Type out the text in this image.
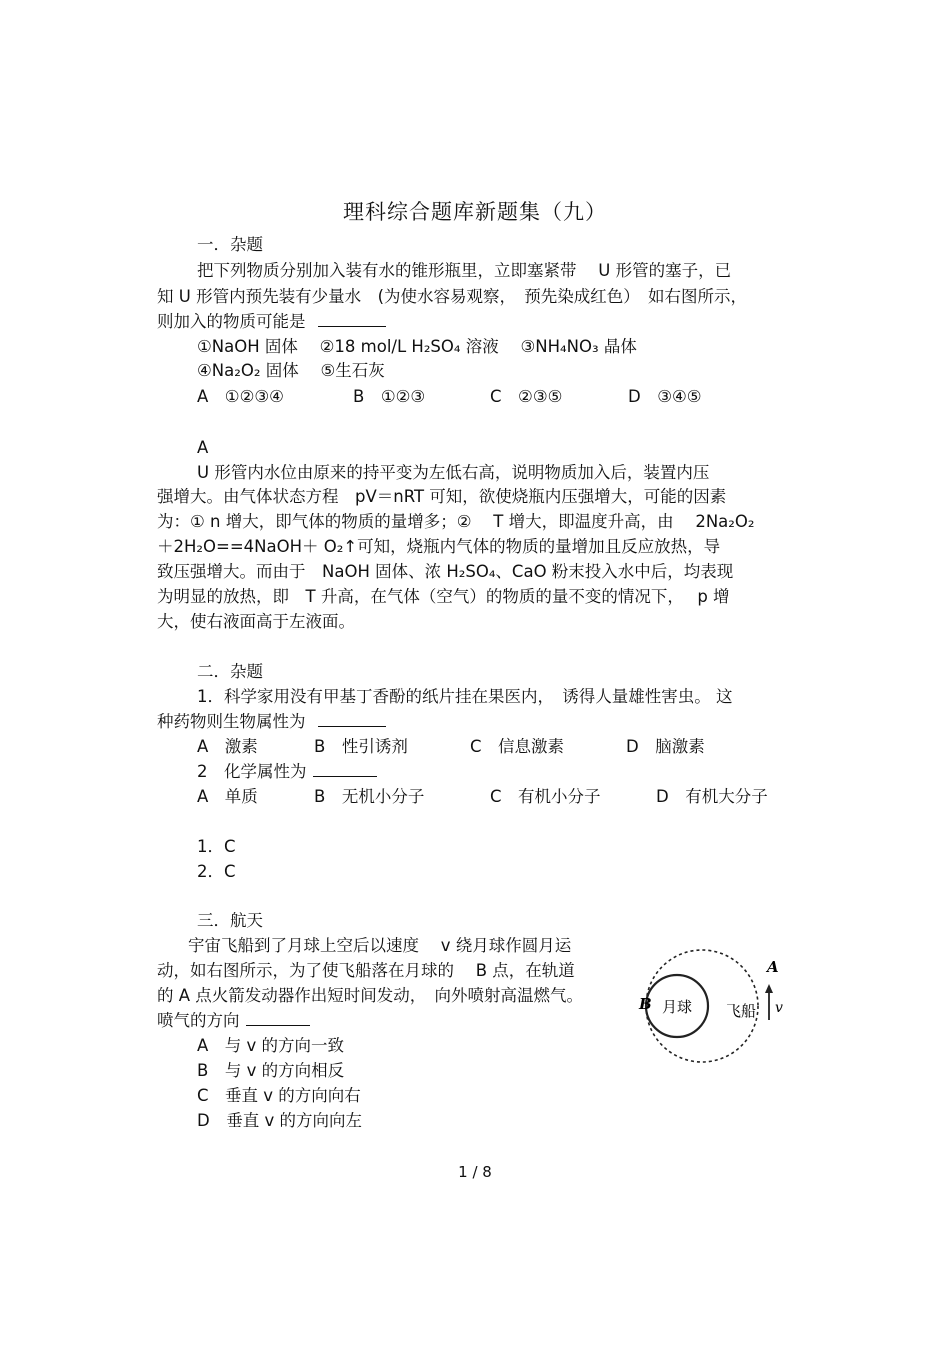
理科综合题库新题集（九）
一．杂题
把下列物质分别加入装有水的锥形瓶里，立即塞紧带　 U 形管的塞子，已
知 U 形管内预先装有少量水　(为使水容易观察，　预先染成红色）　如右图所示，
则加入的物质可能是
①NaOH 固体　 ②18 mol/L H₂SO₄ 溶液　 ③NH₄NO₃ 晶体
④Na₂O₂ 固体　 ⑤生石灰
A　①②③④	B　①②③	C　②③⑤	D　③④⑤
A
U 形管内水位由原来的持平变为左低右高，说明物质加入后，装置内压
强增大。由气体状态方程　pV＝nRT 可知，欲使烧瓶内压强增大，可能的因素
为：① n 增大，即气体的物质的量增多；②　 T 增大，即温度升高，由　 2Na₂O₂
＋2H₂O==4NaOH＋ O₂↑可知，烧瓶内气体的物质的量增加且反应放热，导
致压强增大。而由于　NaOH 固体、浓 H₂SO₄、CaO 粉末投入水中后，均表现
为明显的放热，即　T 升高，在气体（空气）的物质的量不变的情况下，　 p 增
大，使右液面高于左液面。
二．杂题
1．科学家用没有甲基丁香酚的纸片挂在果医内，　诱得人量雄性害虫。 这
种药物则生物属性为
A　激素	B　性引诱剂	C　信息激素	D　脑激素
2　化学属性为
A　单质	B　无机小分子	C　有机小分子	D　有机大分子
1．C
2．C
三．航天
宇宙飞船到了月球上空后以速度　 v 绕月球作圆月运
动，如右图所示，为了使飞船落在月球的　 B 点，在轨道
的 A 点火箭发动器作出短时间发动，　向外喷射高温燃气。
喷气的方向
A　与 v 的方向一致
B　与 v 的方向相反
C　垂直 v 的方向向右
D　垂直 v 的方向向左
月球 飞船
B
A
v
1 / 8
